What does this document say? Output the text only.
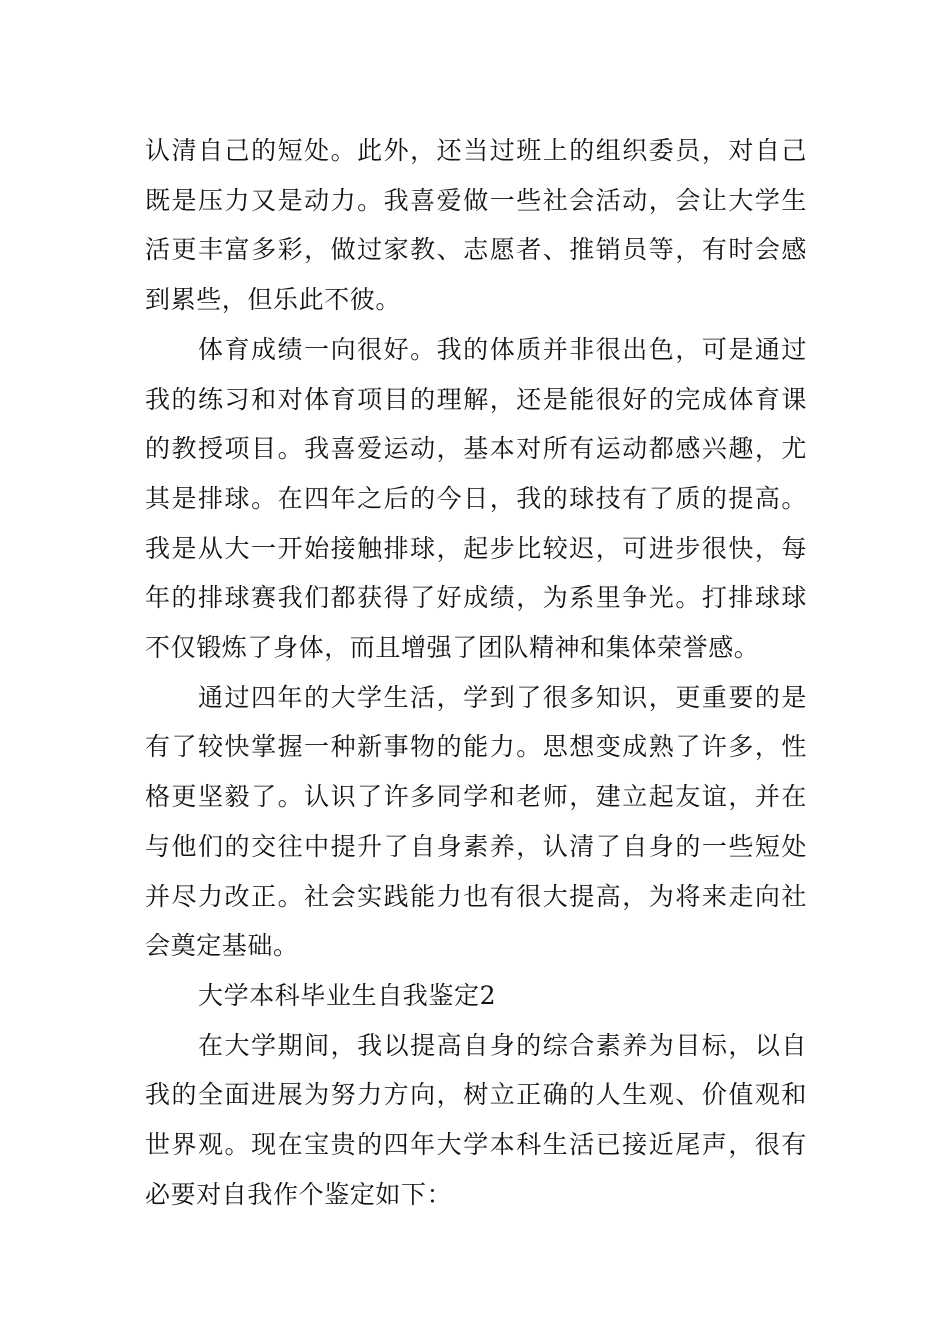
认清自己的短处。此外，还当过班上的组织委员，对自己既是压力又是动力。我喜爱做一些社会活动，会让大学生活更丰富多彩，做过家教、志愿者、推销员等，有时会感到累些，但乐此不彼。

体育成绩一向很好。我的体质并非很出色，可是通过我的练习和对体育项目的理解，还是能很好的完成体育课的教授项目。我喜爱运动，基本对所有运动都感兴趣，尤其是排球。在四年之后的今日，我的球技有了质的提高。我是从大一开始接触排球，起步比较迟，可进步很快，每年的排球赛我们都获得了好成绩，为系里争光。打排球球不仅锻炼了身体，而且增强了团队精神和集体荣誉感。

通过四年的大学生活，学到了很多知识，更重要的是有了较快掌握一种新事物的能力。思想变成熟了许多，性格更坚毅了。认识了许多同学和老师，建立起友谊，并在与他们的交往中提升了自身素养，认清了自身的一些短处并尽力改正。社会实践能力也有很大提高，为将来走向社会奠定基础。

大学本科毕业生自我鉴定2

在大学期间，我以提高自身的综合素养为目标，以自我的全面进展为努力方向，树立正确的人生观、价值观和世界观。现在宝贵的四年大学本科生活已接近尾声，很有必要对自我作个鉴定如下：
